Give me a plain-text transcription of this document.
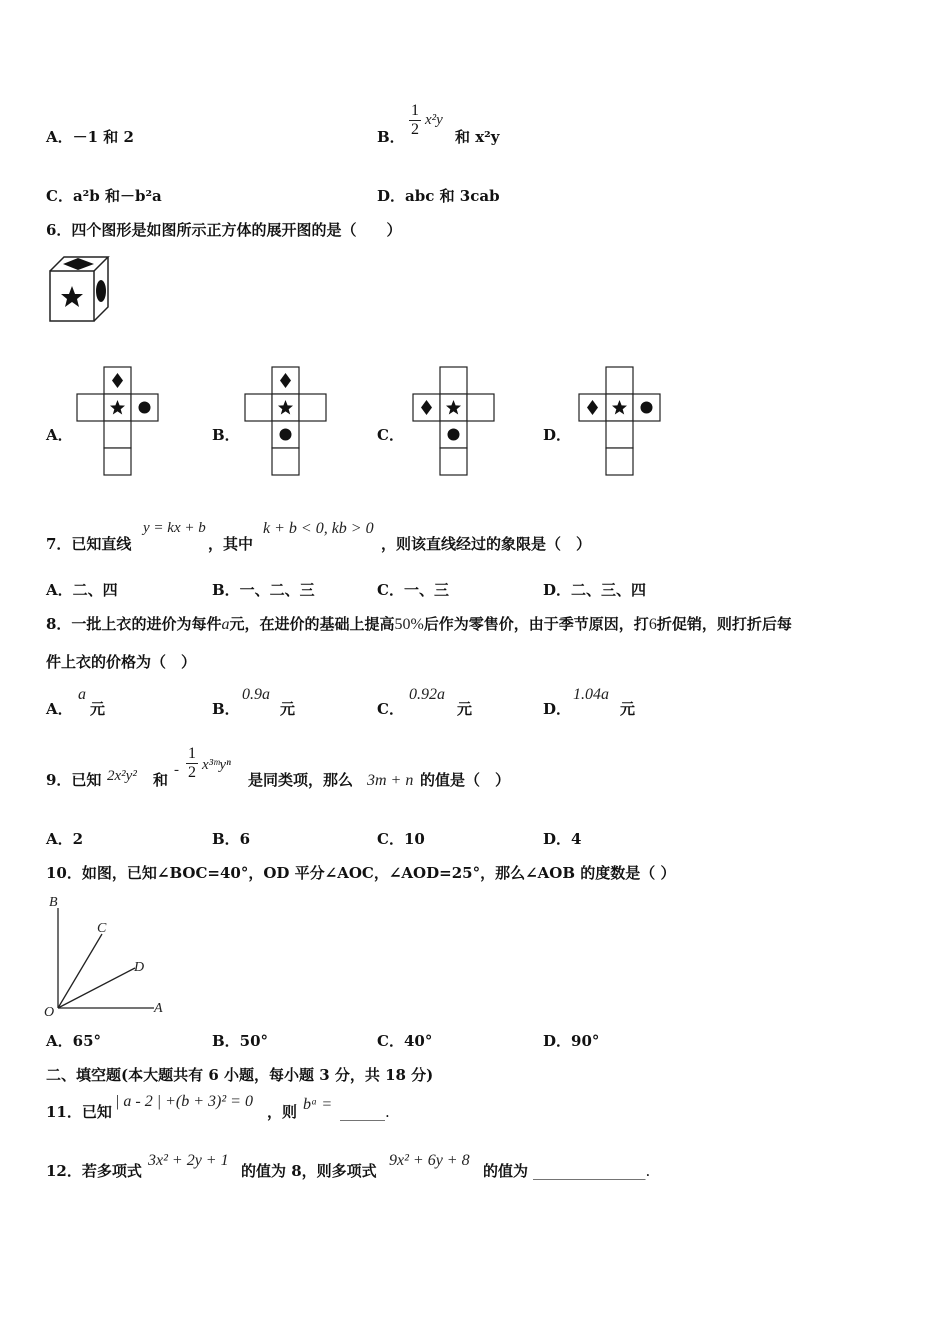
A．－1 和 2	B．
1
2
x²y
和 x²y
C．a²b 和－b²a	D．abc 和 3cab
6．四个图形是如图所示正方体的展开图的是（　　）
A．	B．	C．	D．
7．已知直线
y = kx + b
，其中
k + b < 0, kb > 0
，则该直线经过的象限是（　）
A．二、四	B．一、二、三	C．一、三	D．二、三、四
8．一批上衣的进价为每件a元，在进价的基础上提高50%后作为零售价，由于季节原因，打6折促销，则打折后每
件上衣的价格为（　）
A．
a
元	B．
0.9a
元	C．
0.92a
元	D．
1.04a
元
9．已知 2x²y² 和
-
1
2 x³ᵐyⁿ
是同类项，那么 3m + n 的值是（　）
A．2	B．6	C．10	D．4
10．如图，已知∠BOC=40°，OD 平分∠AOC，∠AOD=25°，那么∠AOB 的度数是（ ）
B
C
D
O	A
A．65°	B．50°	C．40°	D．90°
二、填空题(本大题共有 6 小题，每小题 3 分，共 18 分)
11．已知
| a - 2 | +(b + 3)² = 0
，则 bᵃ = ______.
12．若多项式
3x² + 2y + 1
的值为 8，则多项式
9x² + 6y + 8
的值为 _______________.
